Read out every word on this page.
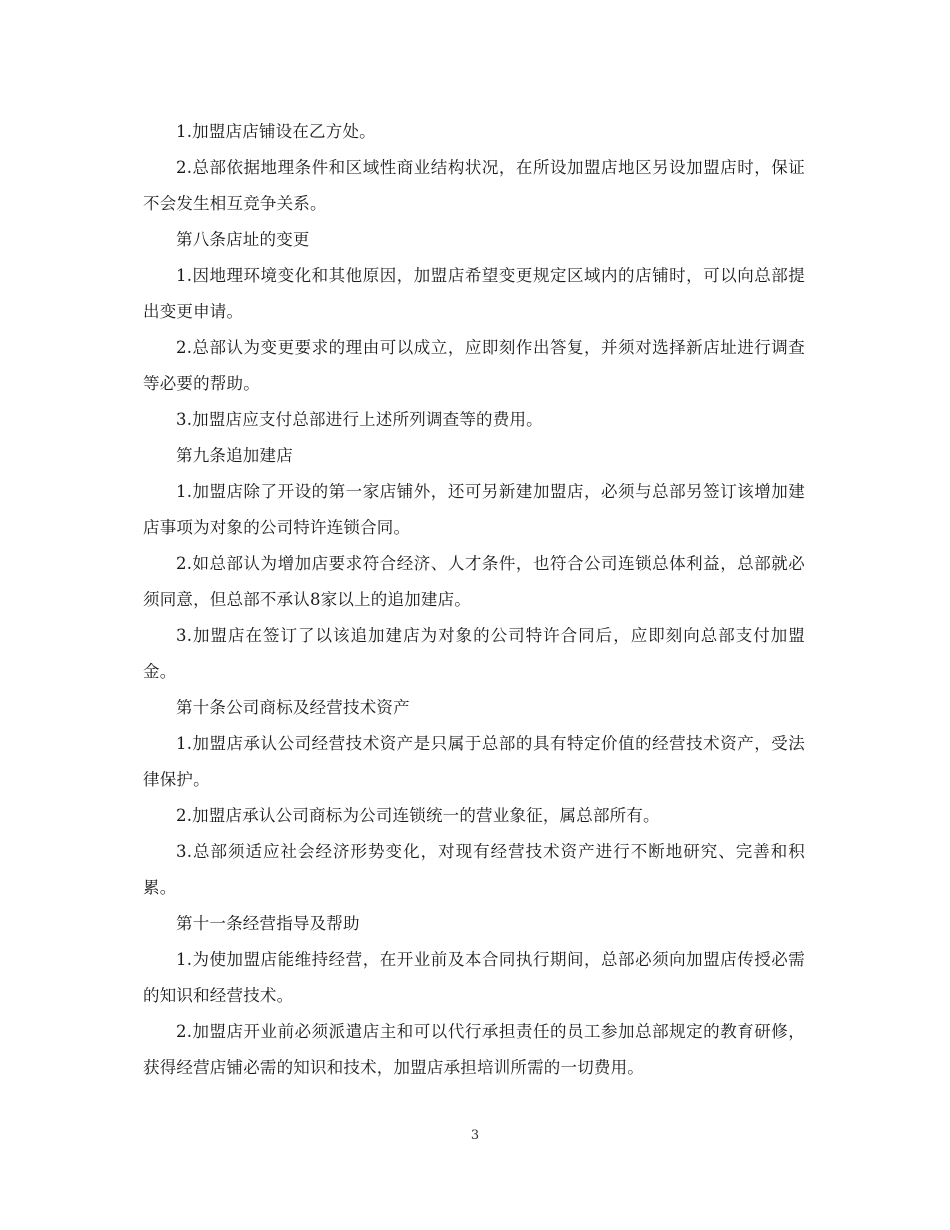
1.加盟店店铺设在乙方处。

2.总部依据地理条件和区域性商业结构状况，在所设加盟店地区另设加盟店时，保证不会发生相互竞争关系。

第八条店址的变更

1.因地理环境变化和其他原因，加盟店希望变更规定区域内的店铺时，可以向总部提出变更申请。

2.总部认为变更要求的理由可以成立，应即刻作出答复，并须对选择新店址进行调查等必要的帮助。

3.加盟店应支付总部进行上述所列调查等的费用。

第九条追加建店

1.加盟店除了开设的第一家店铺外，还可另新建加盟店，必须与总部另签订该增加建店事项为对象的公司特许连锁合同。

2.如总部认为增加店要求符合经济、人才条件，也符合公司连锁总体利益，总部就必须同意，但总部不承认8家以上的追加建店。

3.加盟店在签订了以该追加建店为对象的公司特许合同后，应即刻向总部支付加盟金。

第十条公司商标及经营技术资产

1.加盟店承认公司经营技术资产是只属于总部的具有特定价值的经营技术资产，受法律保护。

2.加盟店承认公司商标为公司连锁统一的营业象征，属总部所有。

3.总部须适应社会经济形势变化，对现有经营技术资产进行不断地研究、完善和积累。

第十一条经营指导及帮助

1.为使加盟店能维持经营，在开业前及本合同执行期间，总部必须向加盟店传授必需的知识和经营技术。

2.加盟店开业前必须派遣店主和可以代行承担责任的员工参加总部规定的教育研修，获得经营店铺必需的知识和技术，加盟店承担培训所需的一切费用。

3
